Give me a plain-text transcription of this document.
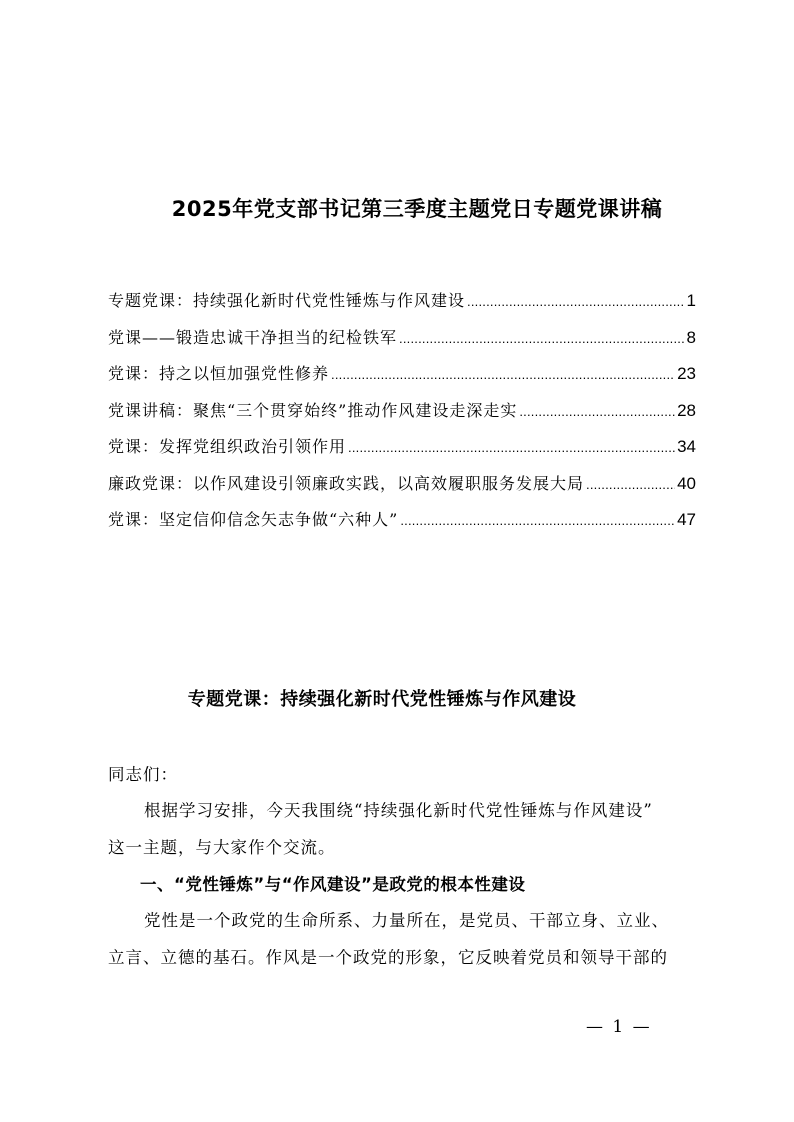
2025年党支部书记第三季度主题党日专题党课讲稿
专题党课：持续强化新时代党性锤炼与作风建设 .....	1
党课——锻造忠诚干净担当的纪检铁军 .....	8
党课：持之以恒加强党性修养 .....	23
党课讲稿：聚焦“三个贯穿始终”推动作风建设走深走实 .....	28
党课：发挥党组织政治引领作用 .....	34
廉政党课：以作风建设引领廉政实践，以高效履职服务发展大局 .....	40
党课：坚定信仰信念矢志争做“六种人” .....	47
专题党课：持续强化新时代党性锤炼与作风建设
同志们：
根据学习安排，今天我围绕“持续强化新时代党性锤炼与作风建设”
这一主题，与大家作个交流。
一、“党性锤炼”与“作风建设”是政党的根本性建设
党性是一个政党的生命所系、力量所在，是党员、干部立身、立业、
立言、立德的基石。作风是一个政党的形象，它反映着党员和领导干部的
— 1 —
